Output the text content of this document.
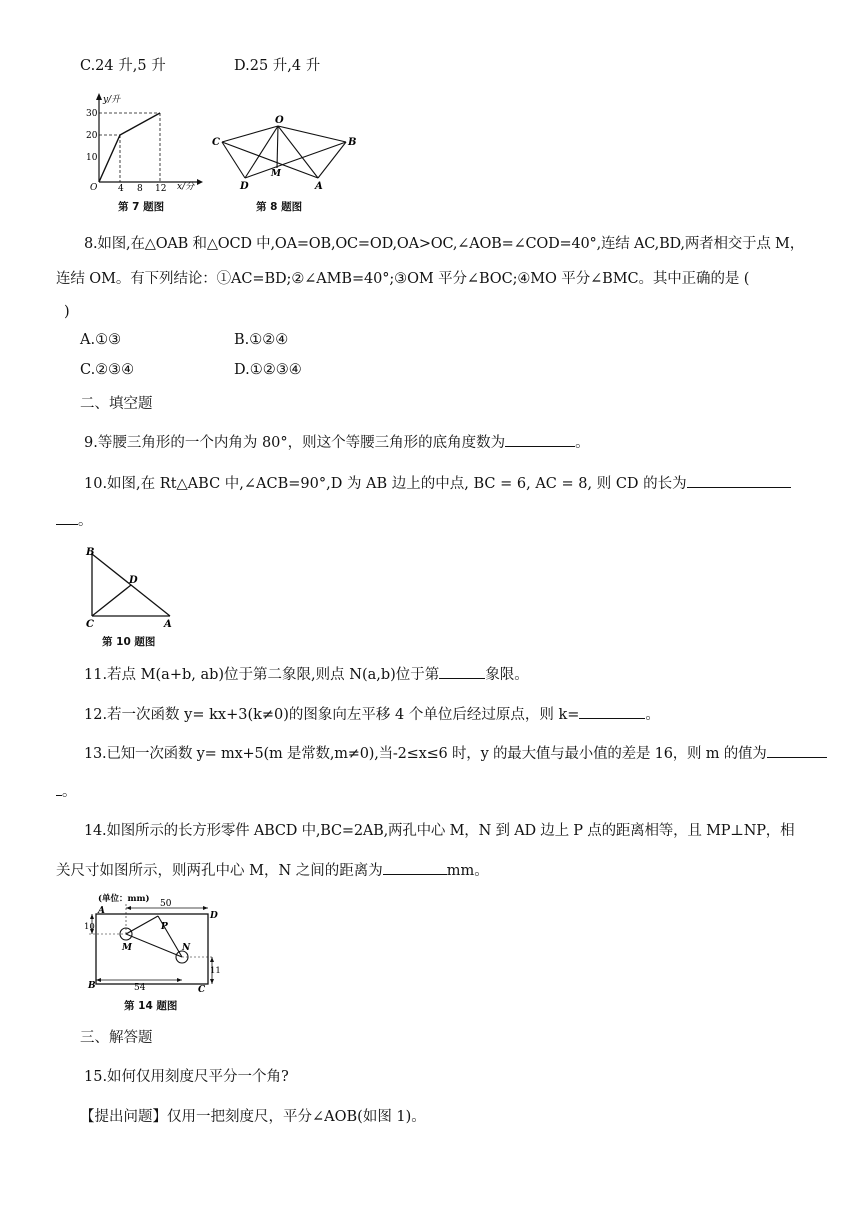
C.24 升,5 升	D.25 升,4 升
y/升
x/分
30
20
10
O 4 8 12
第 7 题图
O
C	B
D
M
A
第 8 题图
8.如图,在△OAB 和△OCD 中,OA=OB,OC=OD,OA>OC,∠AOB=∠COD=40°,连结 AC,BD,两者相交于点 M，
连结 OM。有下列结论：①AC=BD;②∠AMB=40°;③OM 平分∠BOC;④MO 平分∠BMC。其中正确的是 (
)
A.①③	B.①②④
C.②③④	D.①②③④
二、填空题
9.等腰三角形的一个内角为 80°，则这个等腰三角形的底角度数为	。
10.如图,在 Rt△ABC 中,∠ACB=90°,D 为 AB 边上的中点, BC = 6, AC = 8, 则 CD 的长为
。
B
D
C	A
第 10 题图
11.若点 M(a+b, ab)位于第二象限,则点 N(a,b)位于第	象限。
12.若一次函数 y= kx+3(k≠0)的图象向左平移 4 个单位后经过原点，则 k=	。
13.已知一次函数 y= mx+5(m 是常数,m≠0),当-2≤x≤6 时，y 的最大值与最小值的差是 16，则 m 的值为
。
14.如图所示的长方形零件 ABCD 中,BC=2AB,两孔中心 M，N 到 AD 边上 P 点的距离相等，且 MP⊥NP，相
关尺寸如图所示，则两孔中心 M，N 之间的距离为	mm。
(单位：mm) 50
10
54
11
A	D
B	C
M	N
P
第 14 题图
三、解答题
15.如何仅用刻度尺平分一个角?
【提出问题】仅用一把刻度尺，平分∠AOB(如图 1)。
